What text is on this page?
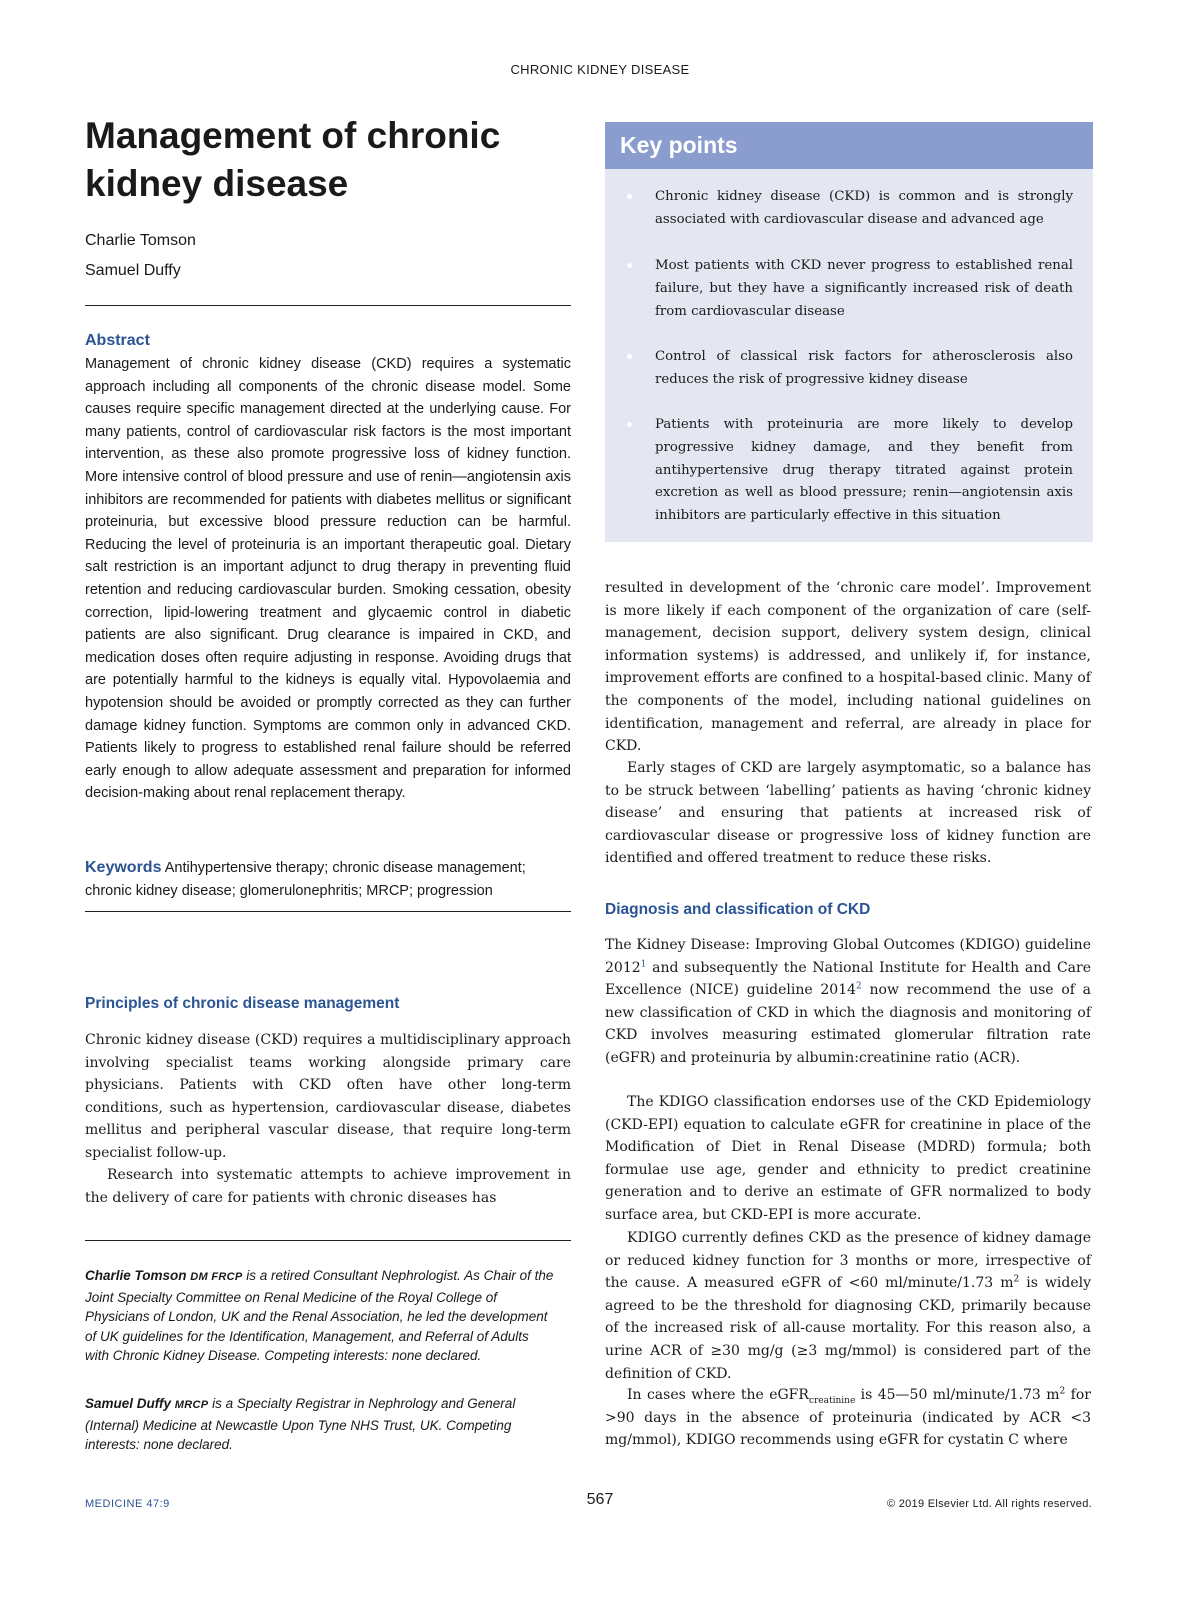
CHRONIC KIDNEY DISEASE
Management of chronic kidney disease
Charlie Tomson
Samuel Duffy
Abstract

Management of chronic kidney disease (CKD) requires a systematic approach including all components of the chronic disease model. Some causes require specific management directed at the underlying cause. For many patients, control of cardiovascular risk factors is the most important intervention, as these also promote progressive loss of kidney function. More intensive control of blood pressure and use of renin—angiotensin axis inhibitors are recommended for patients with diabetes mellitus or significant proteinuria, but excessive blood pressure reduction can be harmful. Reducing the level of proteinuria is an important therapeutic goal. Dietary salt restriction is an important adjunct to drug therapy in preventing fluid retention and reducing cardiovascular burden. Smoking cessation, obesity correction, lipid-lowering treatment and glycaemic control in diabetic patients are also significant. Drug clearance is impaired in CKD, and medication doses often require adjusting in response. Avoiding drugs that are potentially harmful to the kidneys is equally vital. Hypovolaemia and hypotension should be avoided or promptly corrected as they can further damage kidney function. Symptoms are common only in advanced CKD. Patients likely to progress to established renal failure should be referred early enough to allow adequate assessment and preparation for informed decision-making about renal replacement therapy.

Keywords Antihypertensive therapy; chronic disease management; chronic kidney disease; glomerulonephritis; MRCP; progression

Principles of chronic disease management

Chronic kidney disease (CKD) requires a multidisciplinary approach involving specialist teams working alongside primary care physicians. Patients with CKD often have other long-term conditions, such as hypertension, cardiovascular disease, diabetes mellitus and peripheral vascular disease, that require long-term specialist follow-up.

Research into systematic attempts to achieve improvement in the delivery of care for patients with chronic diseases has

Charlie Tomson DM FRCP is a retired Consultant Nephrologist. As Chair of the Joint Specialty Committee on Renal Medicine of the Royal College of Physicians of London, UK and the Renal Association, he led the development of UK guidelines for the Identification, Management, and Referral of Adults with Chronic Kidney Disease. Competing interests: none declared.

Samuel Duffy MRCP is a Specialty Registrar in Nephrology and General (Internal) Medicine at Newcastle Upon Tyne NHS Trust, UK. Competing interests: none declared.

Key points
Chronic kidney disease (CKD) is common and is strongly associated with cardiovascular disease and advanced age
Most patients with CKD never progress to established renal failure, but they have a significantly increased risk of death from cardiovascular disease
Control of classical risk factors for atherosclerosis also reduces the risk of progressive kidney disease
Patients with proteinuria are more likely to develop progressive kidney damage, and they benefit from antihypertensive drug therapy titrated against protein excretion as well as blood pressure; renin—angiotensin axis inhibitors are particularly effective in this situation

resulted in development of the ‘chronic care model’. Improvement is more likely if each component of the organization of care (self-management, decision support, delivery system design, clinical information systems) is addressed, and unlikely if, for instance, improvement efforts are confined to a hospital-based clinic. Many of the components of the model, including national guidelines on identification, management and referral, are already in place for CKD.

Early stages of CKD are largely asymptomatic, so a balance has to be struck between ‘labelling’ patients as having ‘chronic kidney disease’ and ensuring that patients at increased risk of cardiovascular disease or progressive loss of kidney function are identified and offered treatment to reduce these risks.

Diagnosis and classification of CKD

The Kidney Disease: Improving Global Outcomes (KDIGO) guideline 2012$^1$ and subsequently the National Institute for Health and Care Excellence (NICE) guideline 2014$^2$ now recommend the use of a new classification of CKD in which the diagnosis and monitoring of CKD involves measuring estimated glomerular filtration rate (eGFR) and proteinuria by albumin:creatinine ratio (ACR).

The KDIGO classification endorses use of the CKD Epidemiology (CKD-EPI) equation to calculate eGFR for creatinine in place of the Modification of Diet in Renal Disease (MDRD) formula; both formulae use age, gender and ethnicity to predict creatinine generation and to derive an estimate of GFR normalized to body surface area, but CKD-EPI is more accurate.

KDIGO currently defines CKD as the presence of kidney damage or reduced kidney function for 3 months or more, irrespective of the cause. A measured eGFR of <60 ml/minute/1.73 $m^2$ is widely agreed to be the threshold for diagnosing CKD, primarily because of the increased risk of all-cause mortality. For this reason also, a urine ACR of ≥30 mg/g (≥3 mg/mmol) is considered part of the definition of CKD.

In cases where the eGFR$_{creatinine}$ is 45—50 ml/minute/1.73 $m^2$ for >90 days in the absence of proteinuria (indicated by ACR <3 mg/mmol), KDIGO recommends using eGFR for cystatin C where

MEDICINE 47:9	567	© 2019 Elsevier Ltd. All rights reserved.
